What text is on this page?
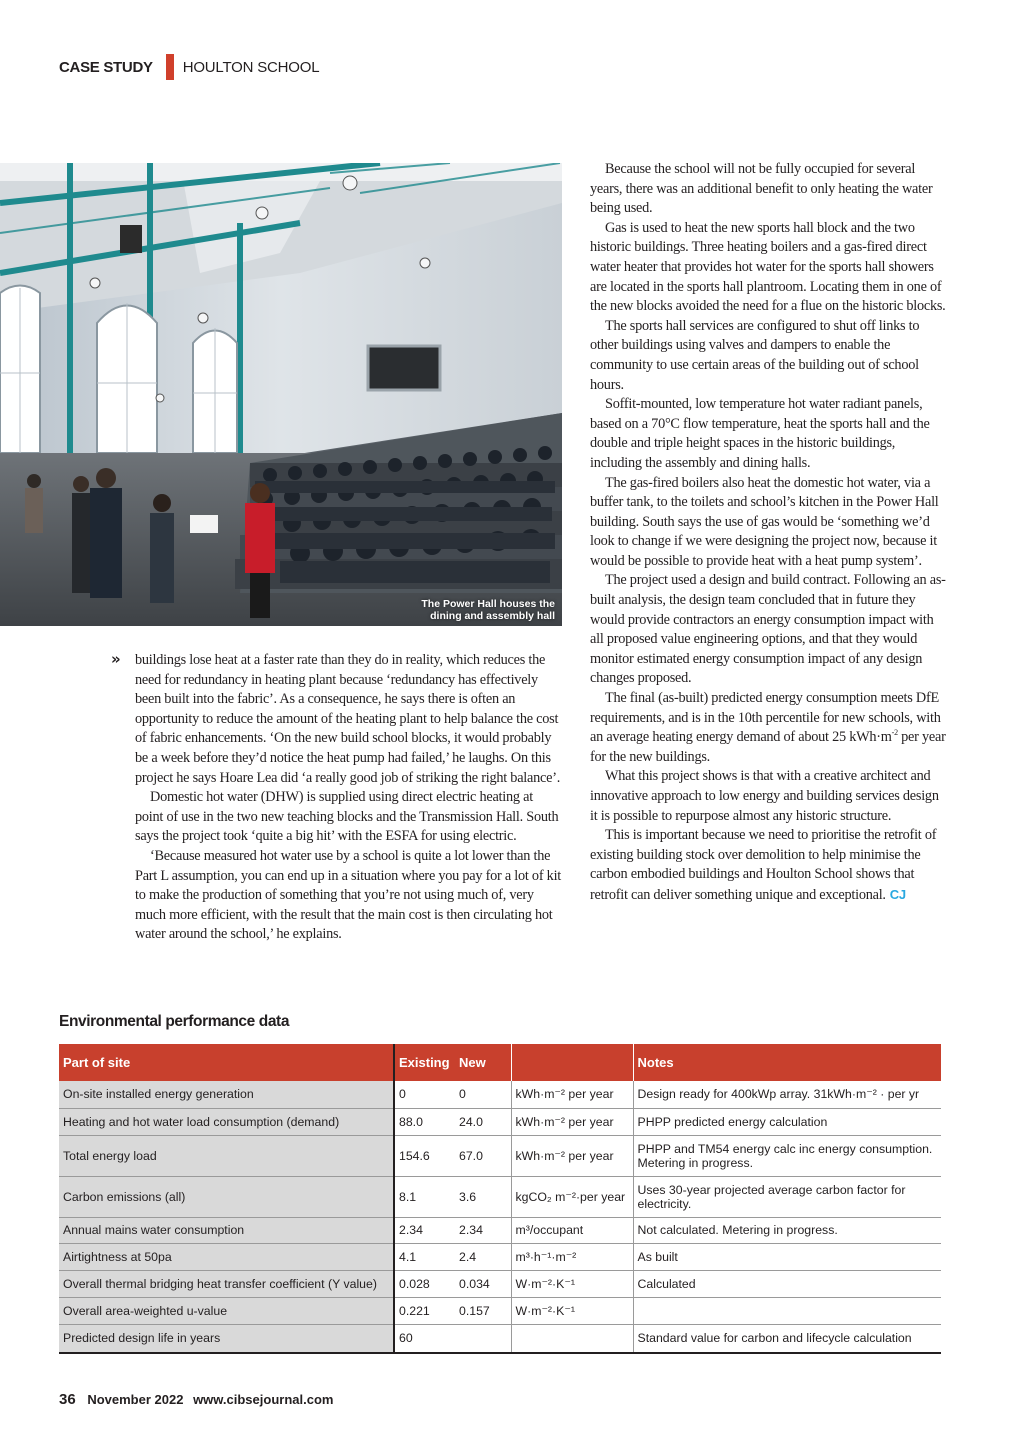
CASE STUDY HOULTON SCHOOL
The Power Hall houses the dining and assembly hall
» buildings lose heat at a faster rate than they do in reality, which reduces the need for redundancy in heating plant because ‘redundancy has effectively been built into the fabric’. As a consequence, he says there is often an opportunity to reduce the amount of the heating plant to help balance the cost of fabric enhancements. ‘On the new build school blocks, it would probably be a week before they’d notice the heat pump had failed,’ he laughs. On this project he says Hoare Lea did ‘a really good job of striking the right balance’.

Domestic hot water (DHW) is supplied using direct electric heating at point of use in the two new teaching blocks and the Transmission Hall. South says the project took ‘quite a big hit’ with the ESFA for using electric.

‘Because measured hot water use by a school is quite a lot lower than the Part L assumption, you can end up in a situation where you pay for a lot of kit to make the production of something that you’re not using much of, very much more efficient, with the result that the main cost is then circulating hot water around the school,’ he explains.

Because the school will not be fully occupied for several years, there was an additional benefit to only heating the water being used.

Gas is used to heat the new sports hall block and the two historic buildings. Three heating boilers and a gas-fired direct water heater that provides hot water for the sports hall showers are located in the sports hall plantroom. Locating them in one of the new blocks avoided the need for a flue on the historic blocks.

The sports hall services are configured to shut off links to other buildings using valves and dampers to enable the community to use certain areas of the building out of school hours.

Soffit-mounted, low temperature hot water radiant panels, based on a 70°C flow temperature, heat the sports hall and the double and triple height spaces in the historic buildings, including the assembly and dining halls.

The gas-fired boilers also heat the domestic hot water, via a buffer tank, to the toilets and school’s kitchen in the Power Hall building. South says the use of gas would be ‘something we’d look to change if we were designing the project now, because it would be possible to provide heat with a heat pump system’.

The project used a design and build contract. Following an as-built analysis, the design team concluded that in future they would provide contractors an energy consumption impact with all proposed value engineering options, and that they would monitor estimated energy consumption impact of any design changes proposed.

The final (as-built) predicted energy consumption meets DfE requirements, and is in the 10th percentile for new schools, with an average heating energy demand of about 25 $kWh\cdot m^{-2}$ per year for the new buildings.

What this project shows is that with a creative architect and innovative approach to low energy and building services design it is possible to repurpose almost any historic structure.

This is important because we need to prioritise the retrofit of existing building stock over demolition to help minimise the carbon embodied buildings and Houlton School shows that retrofit can deliver something unique and exceptional. CJ

Environmental performance data
Part of site	Existing	New		Notes
On-site installed energy generation	0	0	kWh·m⁻² per year	Design ready for 400kWp array. 31kWh·m⁻² · per yr
Heating and hot water load consumption (demand)	88.0	24.0	kWh·m⁻² per year	PHPP predicted energy calculation
Total energy load	154.6	67.0	kWh·m⁻² per year	PHPP and TM54 energy calc inc energy consumption. Metering in progress.
Carbon emissions (all)	8.1	3.6	kgCO₂ m⁻²·per year	Uses 30-year projected average carbon factor for electricity.
Annual mains water consumption	2.34	2.34	m³/occupant	Not calculated. Metering in progress.
Airtightness at 50pa	4.1	2.4	m³·h⁻¹·m⁻²	As built
Overall thermal bridging heat transfer coefficient (Y value)	0.028	0.034	W·m⁻²·K⁻¹	Calculated
Overall area-weighted u-value	0.221	0.157	W·m⁻²·K⁻¹	
Predicted design life in years	60			Standard value for carbon and lifecycle calculation
36 November 2022 www.cibsejournal.com
